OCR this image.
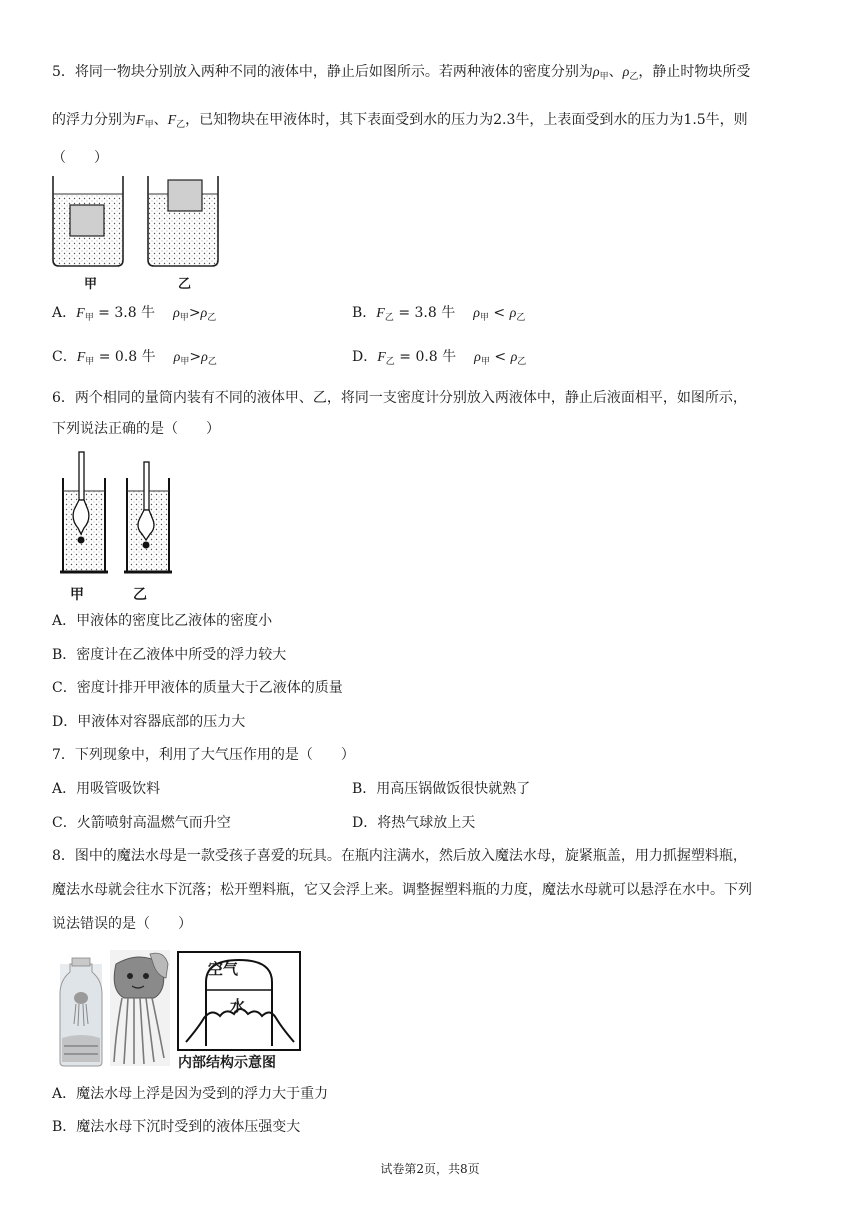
5．将同一物块分别放入两种不同的液体中，静止后如图所示。若两种液体的密度分别为$\rho_甲$、$\rho_乙$，静止时物块所受
的浮力分别为$F_甲$、$F_乙$，已知物块在甲液体时，其下表面受到水的压力为2.3牛，上表面受到水的压力为1.5牛，则
（　　）
甲	乙
A．$F_甲 = 3.8$ 牛 $\rho_甲>\rho_乙$	B．$F_乙 = 3.8$ 牛 $\rho_甲 < \rho_乙$
C．$F_甲 = 0.8$ 牛 $\rho_甲>\rho_乙$	D．$F_乙 = 0.8$ 牛 $\rho_甲 < \rho_乙$
6．两个相同的量筒内装有不同的液体甲、乙，将同一支密度计分别放入两液体中，静止后液面相平，如图所示，
下列说法正确的是（　　）
甲	乙
A．甲液体的密度比乙液体的密度小
B．密度计在乙液体中所受的浮力较大
C．密度计排开甲液体的质量大于乙液体的质量
D．甲液体对容器底部的压力大
7．下列现象中，利用了大气压作用的是（　　）
A．用吸管吸饮料	B．用高压锅做饭很快就熟了
C．火箭喷射高温燃气而升空	D．将热气球放上天
8．图中的魔法水母是一款受孩子喜爱的玩具。在瓶内注满水，然后放入魔法水母，旋紧瓶盖，用力抓握塑料瓶，
魔法水母就会往水下沉落；松开塑料瓶，它又会浮上来。调整握塑料瓶的力度，魔法水母就可以悬浮在水中。下列
说法错误的是（　　）
空气
水
内部结构示意图
A．魔法水母上浮是因为受到的浮力大于重力
B．魔法水母下沉时受到的液体压强变大
试卷第2页，共8页
